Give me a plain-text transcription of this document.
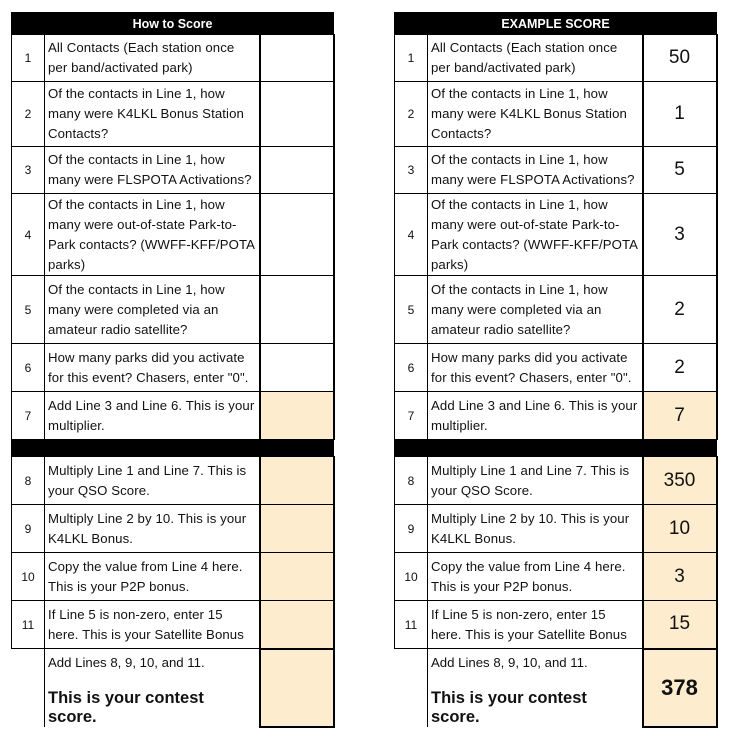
How to Score		
1	All Contacts (Each station once per band/activated park)	
2	Of the contacts in Line 1, how many were K4LKL Bonus Station Contacts?	
3	Of the contacts in Line 1, how many were FLSPOTA Activations?	
4	Of the contacts in Line 1, how many were out-of-state Park-to-Park contacts? (WWFF-KFF/POTA parks)	
5	Of the contacts in Line 1, how many were completed via an amateur radio satellite?	
6	How many parks did you activate for this event? Chasers, enter "0".	
7	Add Line 3 and Line 6. This is your multiplier.	

8	Multiply Line 1 and Line 7. This is your QSO Score.	
9	Multiply Line 2 by 10. This is your K4LKL Bonus.	
10	Copy the value from Line 4 here. This is your P2P bonus.	
11	If Line 5 is non-zero, enter 15 here. This is your Satellite Bonus	

	Add Lines 8, 9, 10, and 11.
This is your contest score.	

EXAMPLE SCORE		
1	All Contacts (Each station once per band/activated park)	50
2	Of the contacts in Line 1, how many were K4LKL Bonus Station Contacts?	1
3	Of the contacts in Line 1, how many were FLSPOTA Activations?	5
4	Of the contacts in Line 1, how many were out-of-state Park-to-Park contacts? (WWFF-KFF/POTA parks)	3
5	Of the contacts in Line 1, how many were completed via an amateur radio satellite?	2
6	How many parks did you activate for this event? Chasers, enter "0".	2
7	Add Line 3 and Line 6. This is your multiplier.	7

8	Multiply Line 1 and Line 7. This is your QSO Score.	350
9	Multiply Line 2 by 10. This is your K4LKL Bonus.	10
10	Copy the value from Line 4 here. This is your P2P bonus.	3
11	If Line 5 is non-zero, enter 15 here. This is your Satellite Bonus	15

	Add Lines 8, 9, 10, and 11.
This is your contest score.	378
